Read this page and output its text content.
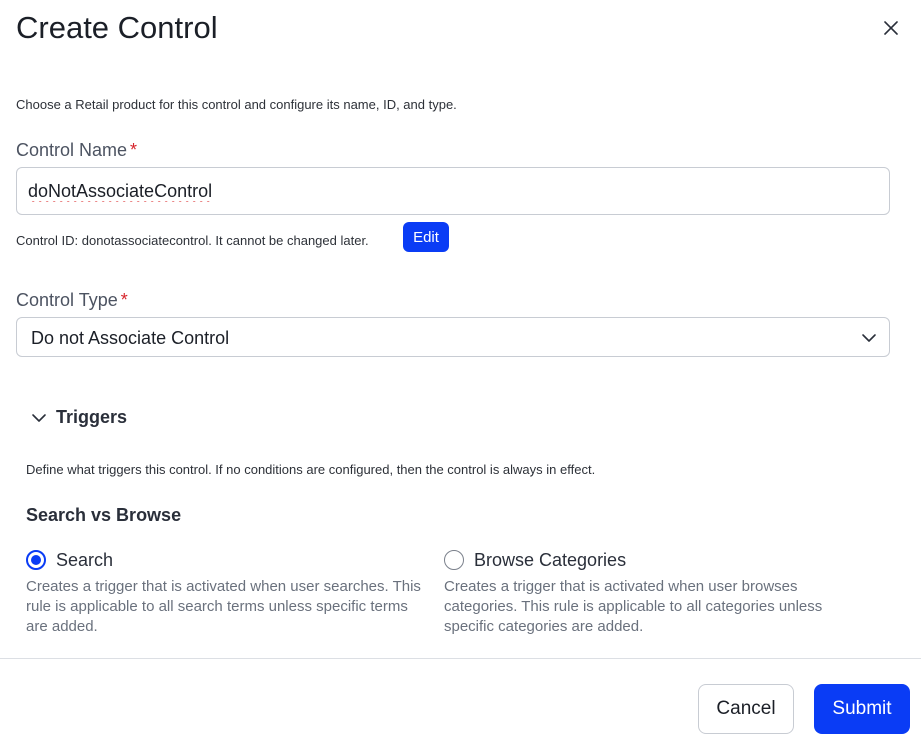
Create Control
Choose a Retail product for this control and configure its name, ID, and type.
Control Name *
doNotAssociateControl
Control ID: donotassociatecontrol. It cannot be changed later.	Edit
Control Type *
Do not Associate Control
Triggers
Define what triggers this control. If no conditions are configured, then the control is always in effect.
Search vs Browse
Search
Creates a trigger that is activated when user searches. This rule is applicable to all search terms unless specific terms are added.
Browse Categories
Creates a trigger that is activated when user browses categories. This rule is applicable to all categories unless specific categories are added.
Cancel	Submit
